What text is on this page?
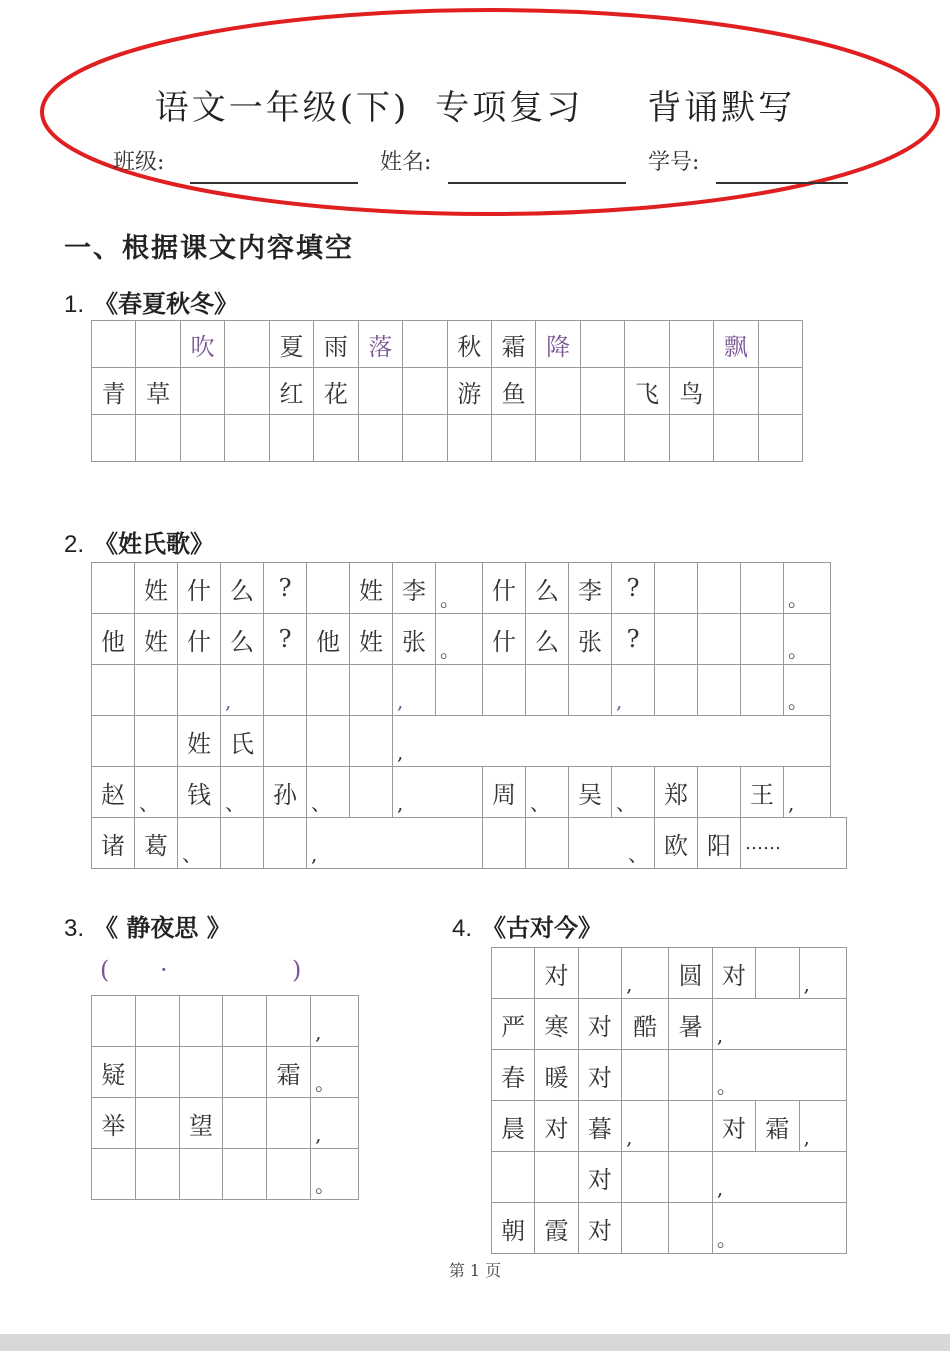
语文一年级(下) 专项复习 背诵默写
班级:	姓名:	学号:
一、根据课文内容填空
1. 《春夏秋冬》
		吹		夏	雨	落		秋	霜	降				飘	
青	草			红	花			游	鱼			飞	鸟		

2. 《姓氏歌》
	姓	什	么	?		姓	李	。	什	么	李	?				。
他	姓	什	么	?	他	姓	张	。	什	么	张	?				。
			,				,					,				。
		姓	氏				,									
赵	、	钱	、	孙	、		,		周	、	吴	、	郑		王	,
诸	葛	、			,						、		欧	阳	……	
3. 《 静夜思 》
( ·	)
					,
疑				霜	。
举		望			,
					。
4. 《古对今》
	对		,	圆	对		,
严	寒	对	酷	暑	,		
春	暖	对			。		
晨	对	暮	,		对	霜	,
		对			,		
朝	霞	对			。		
第 1 页
